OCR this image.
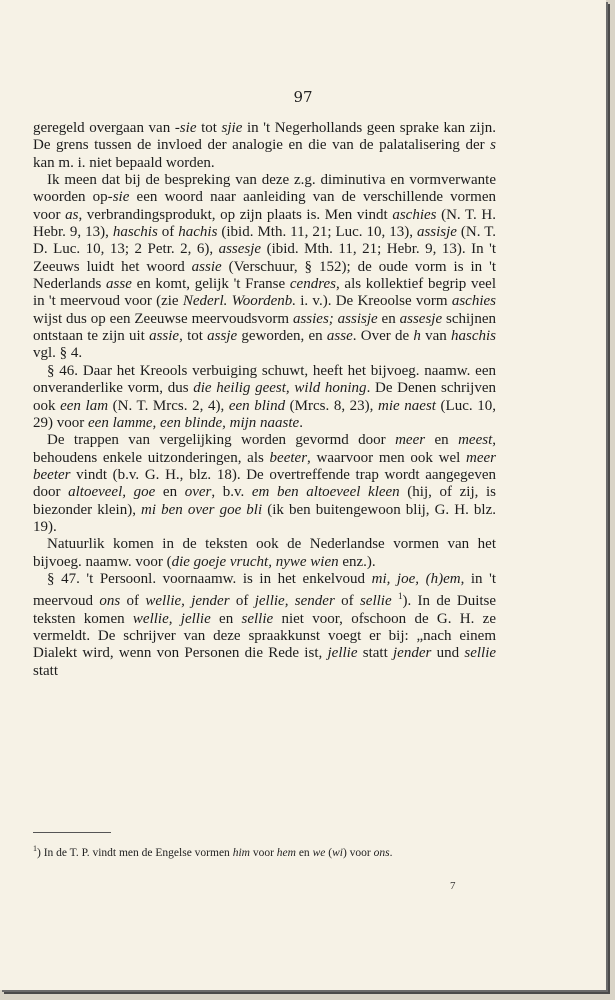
97

geregeld overgaan van -sie tot sjie in 't Negerhollands geen sprake kan zijn. De grens tussen de invloed der analogie en die van de palatalisering der s kan m. i. niet bepaald worden.

Ik meen dat bij de bespreking van deze z.g. diminutiva en vormverwante woorden op-sie een woord naar aanleiding van de verschillende vormen voor as, verbrandingsprodukt, op zijn plaats is. Men vindt aschies (N. T. H. Hebr. 9, 13), haschis of hachis (ibid. Mth. 11, 21; Luc. 10, 13), assisje (N. T. D. Luc. 10, 13; 2 Petr. 2, 6), assesje (ibid. Mth. 11, 21; Hebr. 9, 13). In 't Zeeuws luidt het woord assie (Verschuur, § 152); de oude vorm is in 't Nederlands asse en komt, gelijk 't Franse cendres, als kollektief begrip veel in 't meervoud voor (zie Nederl. Woordenb. i. v.). De Kreoolse vorm aschies wijst dus op een Zeeuwse meervoudsvorm assies; assisje en assesje schijnen ontstaan te zijn uit assie, tot assje geworden, en asse. Over de h van haschis vgl. § 4.

§ 46. Daar het Kreools verbuiging schuwt, heeft het bijvoeg. naamw. een onveranderlike vorm, dus die heilig geest, wild honing. De Denen schrijven ook een lam (N. T. Mrcs. 2, 4), een blind (Mrcs. 8, 23), mie naest (Luc. 10, 29) voor een lamme, een blinde, mijn naaste.

De trappen van vergelijking worden gevormd door meer en meest, behoudens enkele uitzonderingen, als beeter, waarvoor men ook wel meer beeter vindt (b.v. G. H., blz. 18). De overtreffende trap wordt aangegeven door altoeveel, goe en over, b.v. em ben altoeveel kleen (hij, of zij, is biezonder klein), mi ben over goe bli (ik ben buitengewoon blij, G. H. blz. 19).

Natuurlik komen in de teksten ook de Nederlandse vormen van het bijvoeg. naamw. voor (die goeje vrucht, nywe wien enz.).

§ 47. 't Persoonl. voornaamw. is in het enkelvoud mi, joe, (h)em, in 't meervoud ons of wellie, jender of jellie, sender of sellie $^1$). In de Duitse teksten komen wellie, jellie en sellie niet voor, ofschoon de G. H. ze vermeldt. De schrijver van deze spraakkunst voegt er bij: „nach einem Dialekt wird, wenn von Personen die Rede ist, jellie statt jender und sellie statt

$^1$) In de T. P. vindt men de Engelse vormen him voor hem en we (wi) voor ons.
7
